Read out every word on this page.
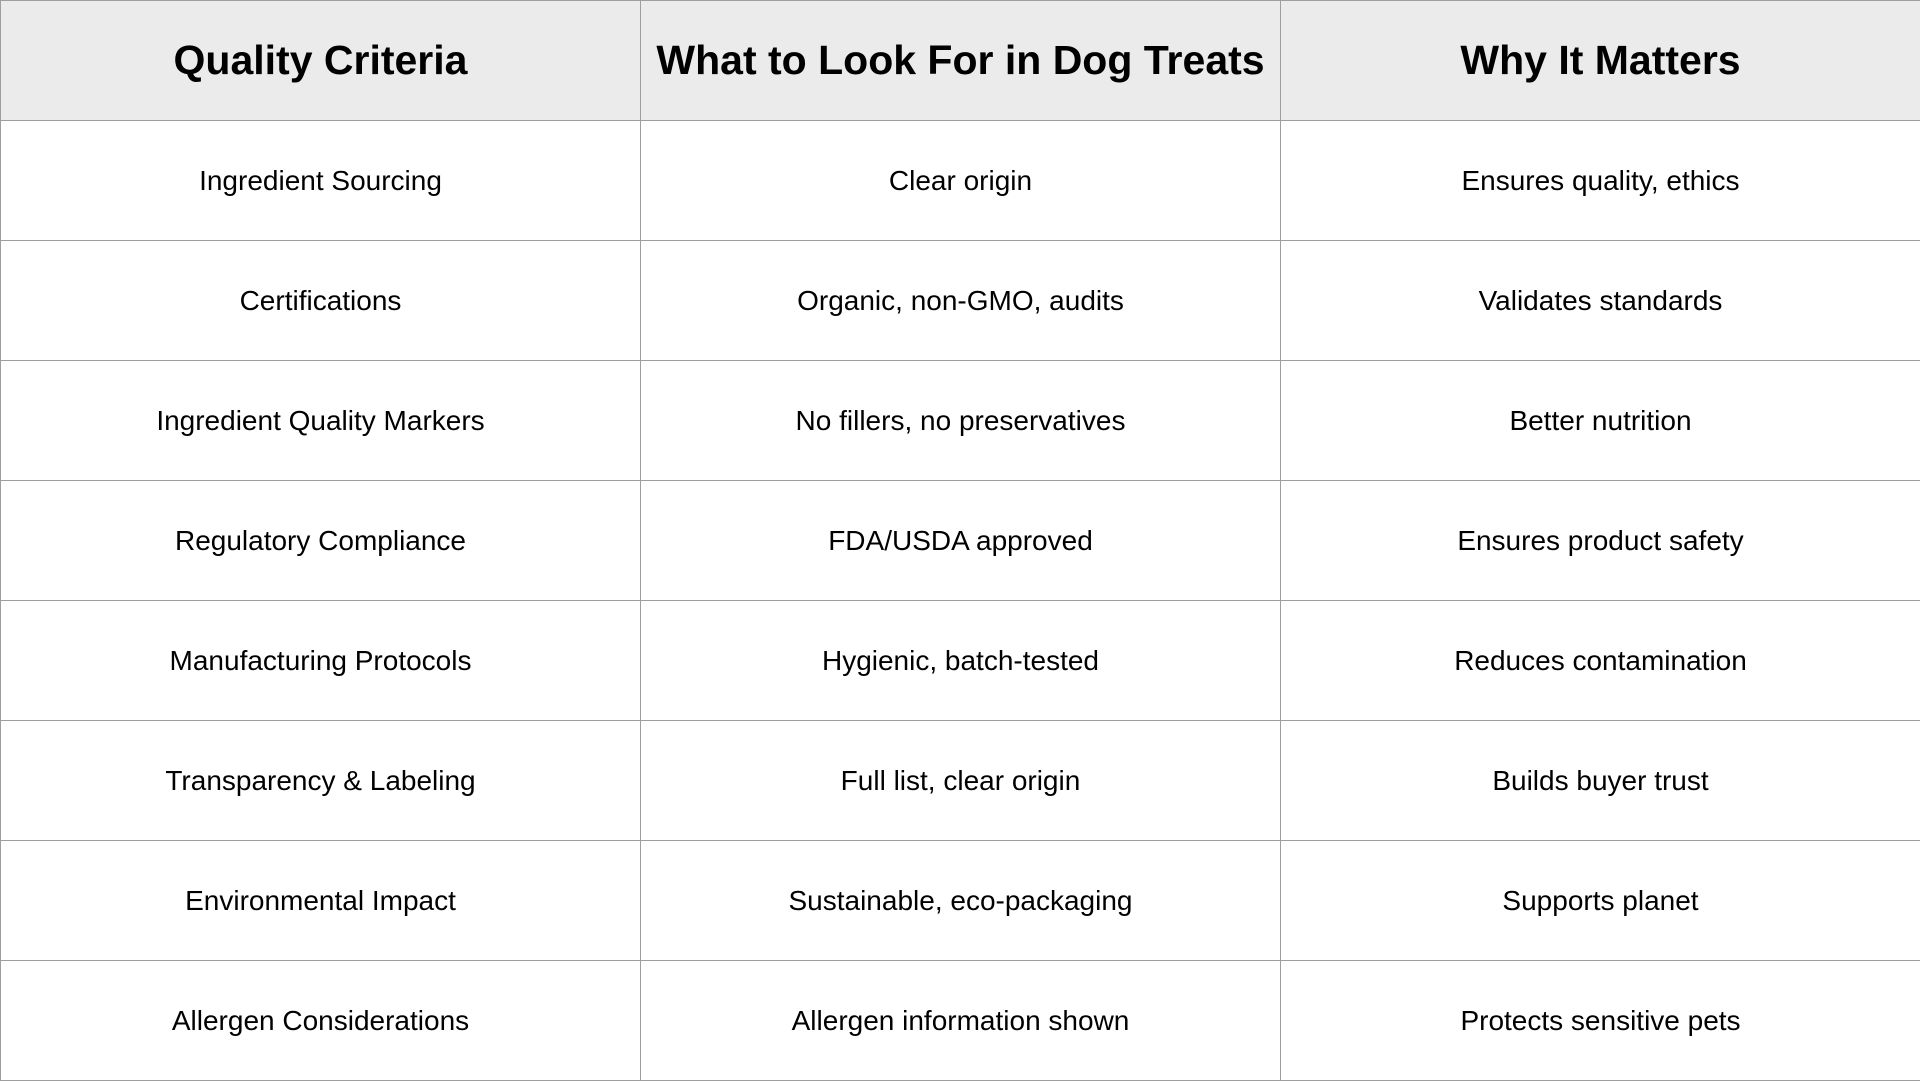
Quality Criteria	What to Look For in Dog Treats	Why It Matters
Ingredient Sourcing	Clear origin	Ensures quality, ethics
Certifications	Organic, non-GMO, audits	Validates standards
Ingredient Quality Markers	No fillers, no preservatives	Better nutrition
Regulatory Compliance	FDA/USDA approved	Ensures product safety
Manufacturing Protocols	Hygienic, batch-tested	Reduces contamination
Transparency & Labeling	Full list, clear origin	Builds buyer trust
Environmental Impact	Sustainable, eco-packaging	Supports planet
Allergen Considerations	Allergen information shown	Protects sensitive pets
